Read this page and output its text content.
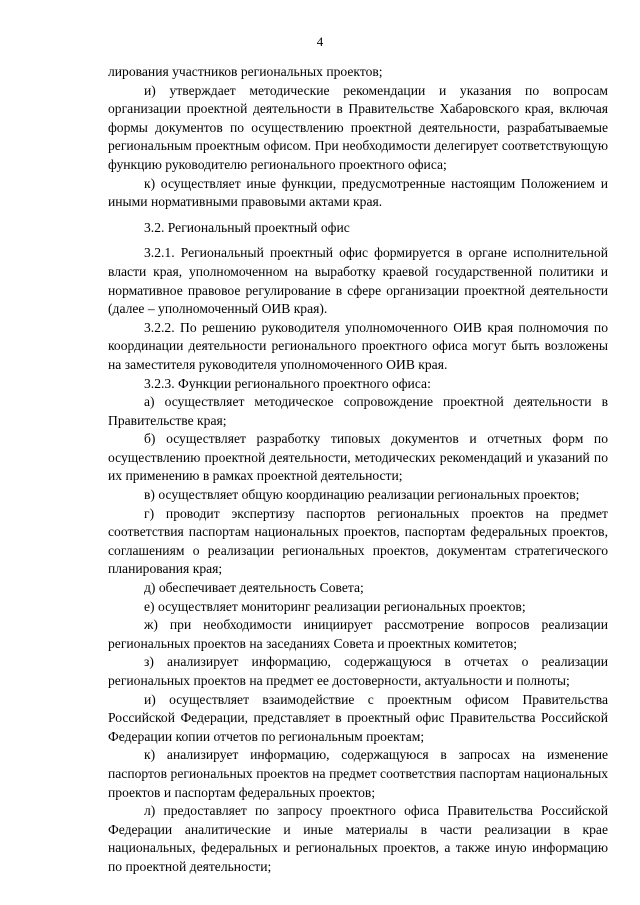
4

лирования участников региональных проектов;

и) утверждает методические рекомендации и указания по вопросам организации проектной деятельности в Правительстве Хабаровского края, включая формы документов по осуществлению проектной деятельности, разрабатываемые региональным проектным офисом. При необходимости делегирует соответствующую функцию руководителю регионального проектного офиса;

к) осуществляет иные функции, предусмотренные настоящим Положением и иными нормативными правовыми актами края.

3.2. Региональный проектный офис

3.2.1. Региональный проектный офис формируется в органе исполнительной власти края, уполномоченном на выработку краевой государственной политики и нормативное правовое регулирование в сфере организации проектной деятельности (далее – уполномоченный ОИВ края).

3.2.2. По решению руководителя уполномоченного ОИВ края полномочия по координации деятельности регионального проектного офиса могут быть возложены на заместителя руководителя уполномоченного ОИВ края.

3.2.3. Функции регионального проектного офиса:

а) осуществляет методическое сопровождение проектной деятельности в Правительстве края;

б) осуществляет разработку типовых документов и отчетных форм по осуществлению проектной деятельности, методических рекомендаций и указаний по их применению в рамках проектной деятельности;

в) осуществляет общую координацию реализации региональных проектов;

г) проводит экспертизу паспортов региональных проектов на предмет соответствия паспортам национальных проектов, паспортам федеральных проектов, соглашениям о реализации региональных проектов, документам стратегического планирования края;

д) обеспечивает деятельность Совета;

е) осуществляет мониторинг реализации региональных проектов;

ж) при необходимости инициирует рассмотрение вопросов реализации региональных проектов на заседаниях Совета и проектных комитетов;

з) анализирует информацию, содержащуюся в отчетах о реализации региональных проектов на предмет ее достоверности, актуальности и полноты;

и) осуществляет взаимодействие с проектным офисом Правительства Российской Федерации, представляет в проектный офис Правительства Российской Федерации копии отчетов по региональным проектам;

к) анализирует информацию, содержащуюся в запросах на изменение паспортов региональных проектов на предмет соответствия паспортам национальных проектов и паспортам федеральных проектов;

л) предоставляет по запросу проектного офиса Правительства Российской Федерации аналитические и иные материалы в части реализации в крае национальных, федеральных и региональных проектов, а также иную информацию по проектной деятельности;
